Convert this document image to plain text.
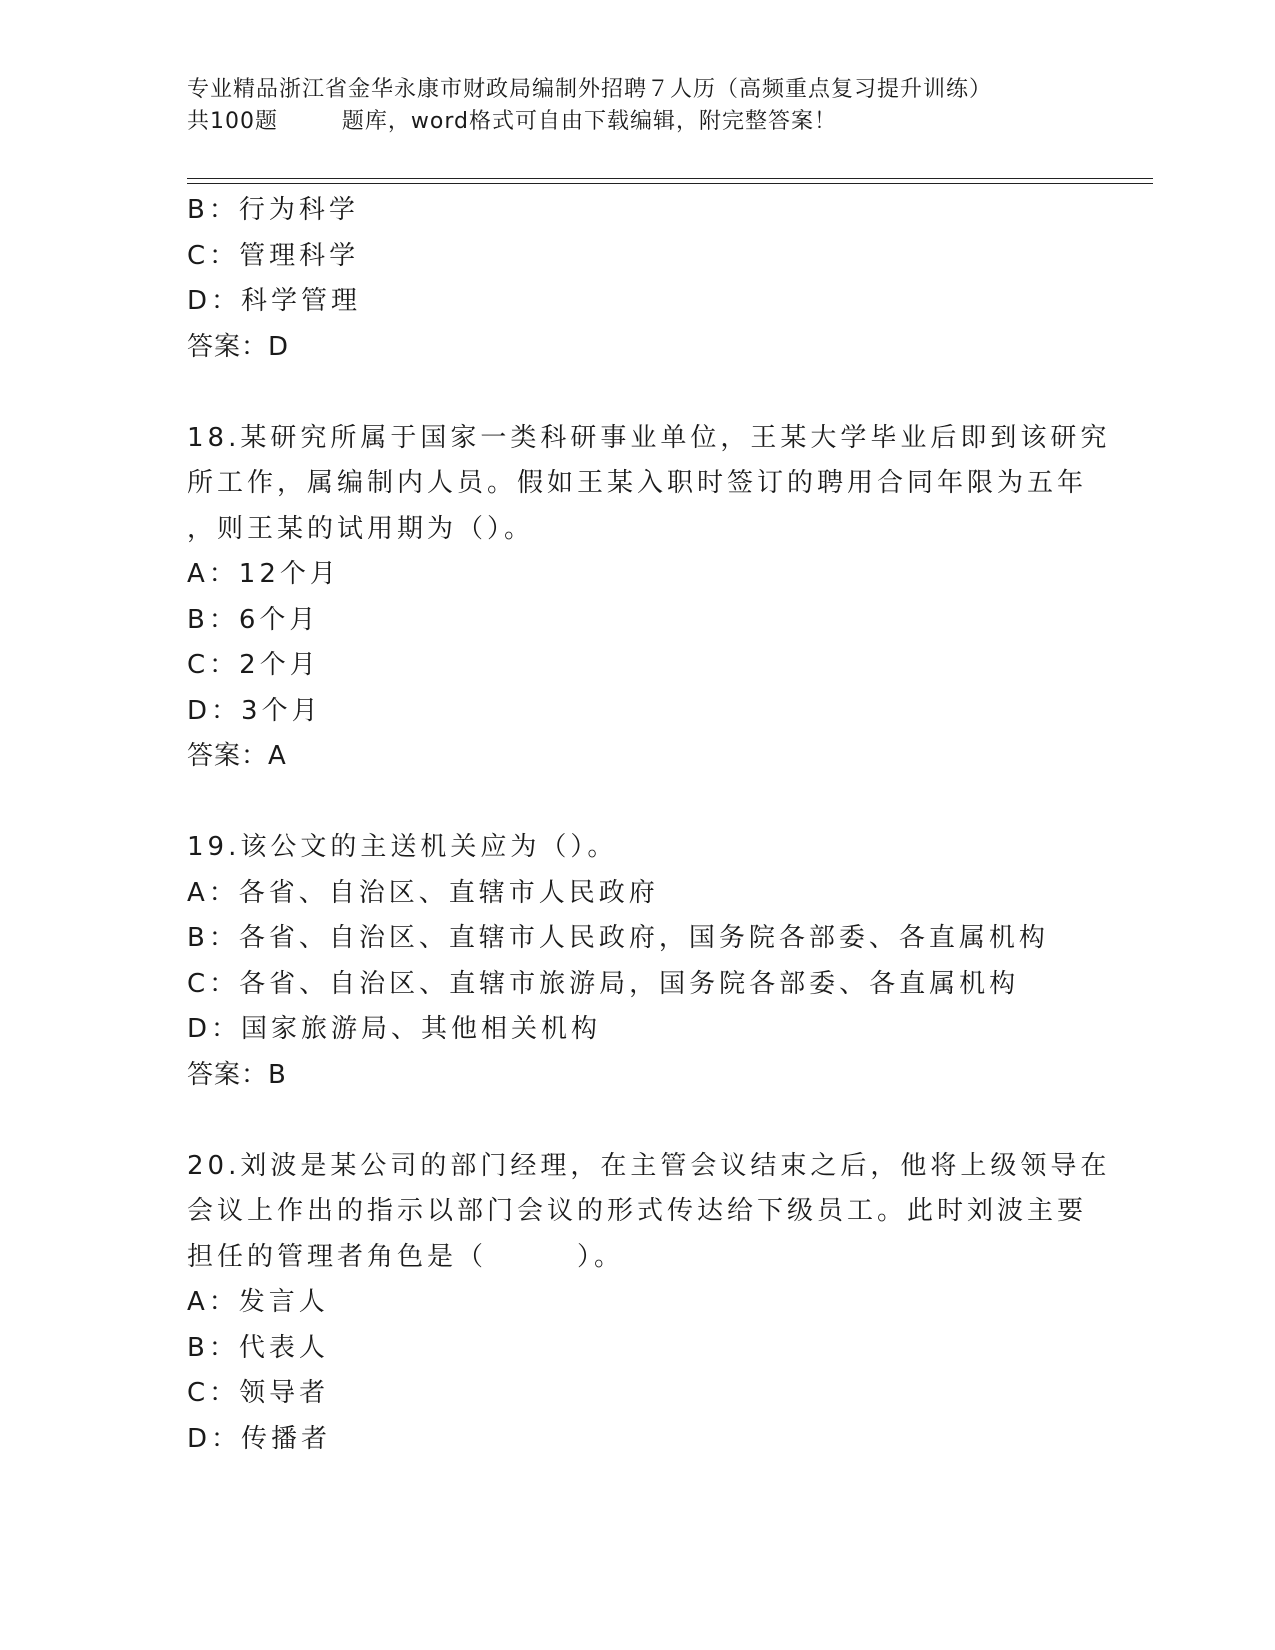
专业精品浙江省金华永康市财政局编制外招聘７人历（高频重点复习提升训练）
共100题        题库，word格式可自由下载编辑，附完整答案！
B：行为科学
C：管理科学
D：科学管理
答案：D
18.某研究所属于国家一类科研事业单位，王某大学毕业后即到该研究
所工作，属编制内人员。假如王某入职时签订的聘用合同年限为五年
，则王某的试用期为（）。
A：12个月
B：6个月
C：2个月
D：3个月
答案：A
19.该公文的主送机关应为（）。
A：各省、自治区、直辖市人民政府
B：各省、自治区、直辖市人民政府，国务院各部委、各直属机构
C：各省、自治区、直辖市旅游局，国务院各部委、各直属机构
D：国家旅游局、其他相关机构
答案：B
20.刘波是某公司的部门经理，在主管会议结束之后，他将上级领导在
会议上作出的指示以部门会议的形式传达给下级员工。此时刘波主要
担任的管理者角色是（　　　）。
A：发言人
B：代表人
C：领导者
D：传播者
